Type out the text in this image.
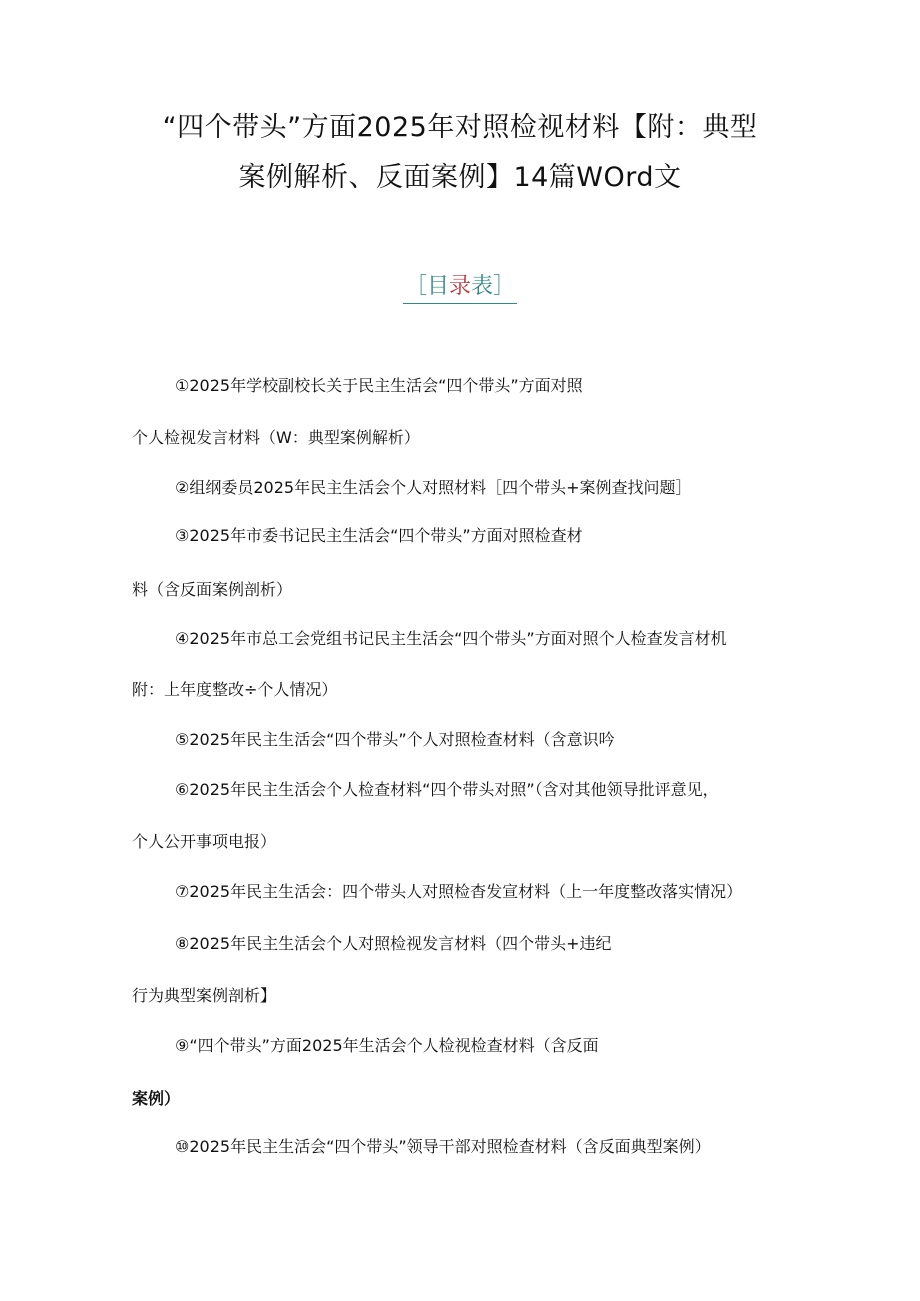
“四个带头”方面2025年对照检视材料【附：典型
案例解析、反面案例】14篇WOrd文
［目录表］

①2025年学校副校长关于民主生活会“四个带头”方面对照

个人检视发言材料（W：典型案例解析）

②组纲委员2025年民主生活会个人对照材料［四个带头+案例查找问题］

③2025年市委书记民主生活会“四个带头”方面对照检查材

料（含反面案例剖析）

④2025年市总工会党组书记民主生活会“四个带头”方面对照个人检查发言材机

附：上年度整改÷个人情况）

⑤2025年民主生活会“四个带头”个人对照检查材料（含意识吟

⑥2025年民主生活会个人检查材料“四个带头对照”（含对其他领导批评意见，

个人公开事项电报）

⑦2025年民主生活会：四个带头人对照检杳发宣材料（上一年度整改落实情况）

⑧2025年民主生活会个人对照检视发言材料（四个带头+违纪

行为典型案例剖析】

⑨“四个带头”方面2025年生活会个人检视检查材料（含反面

案例）

⑩2025年民主生活会“四个带头”领导干部对照检查材料（含反面典型案例）
